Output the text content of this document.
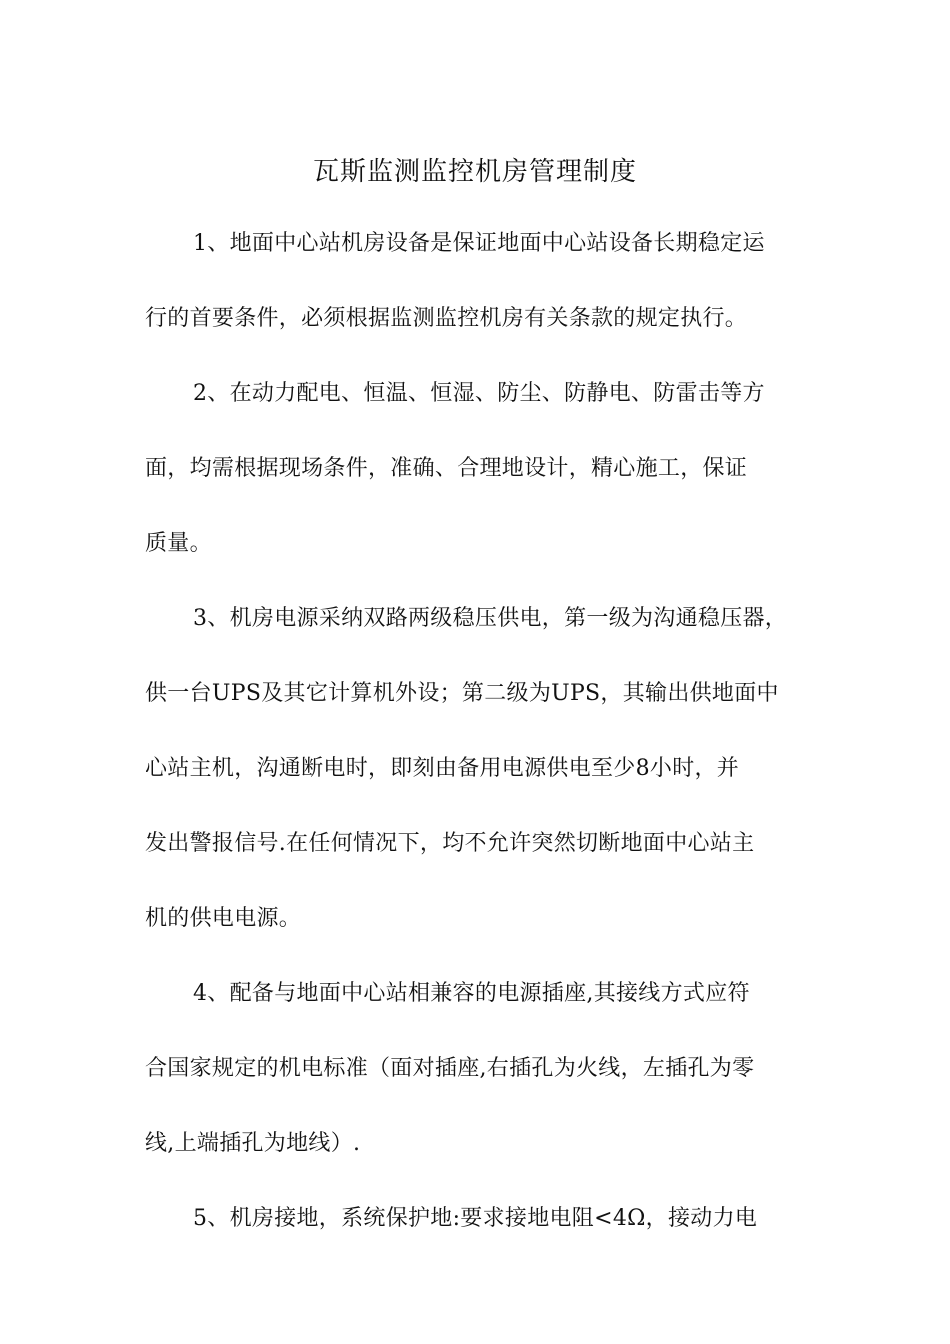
瓦斯监测监控机房管理制度
1、地面中心站机房设备是保证地面中心站设备长期稳定运
行的首要条件，必须根据监测监控机房有关条款的规定执行。
2、在动力配电、恒温、恒湿、防尘、防静电、防雷击等方
面，均需根据现场条件，准确、合理地设计，精心施工，保证
质量。
3、机房电源采纳双路两级稳压供电，第一级为沟通稳压器，
供一台UPS及其它计算机外设；第二级为UPS，其输出供地面中
心站主机，沟通断电时，即刻由备用电源供电至少8小时，并
发出警报信号.在任何情况下，均不允许突然切断地面中心站主
机的供电电源。
4、配备与地面中心站相兼容的电源插座,其接线方式应符
合国家规定的机电标准（面对插座,右插孔为火线，左插孔为零
线,上端插孔为地线）.
5、机房接地，系统保护地:要求接地电阻<4Ω，接动力电
